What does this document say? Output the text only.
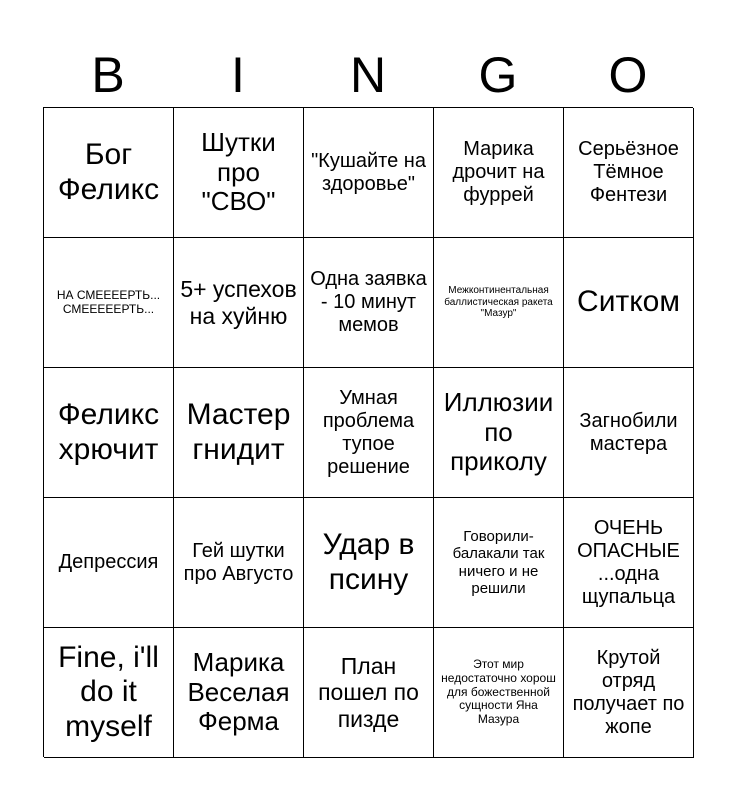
B	I	N	G	O
Бог Феликс
Шутки про "СВО"
"Кушайте на здоровье"
Марика дрочит на фуррей
Серьёзное Тёмное Фентези
НА СМЕЕЕЕРТЬ... СМЕЕЕЕЕРТЬ...
5+ успехов на хуйню
Одна заявка - 10 минут мемов
Межконтинентальная баллистическая ракета "Мазур"	Ситком
Феликс хрючит
Мастер гнидит
Умная проблема тупое решение
Иллюзии по приколу
Загнобили мастера
Депрессия
Гей шутки про Августо
Удар в псину
Говорили-балакали так ничего и не решили
ОЧЕНЬ ОПАСНЫЕ ...одна щупальца
Fine, i'll do it myself
Марика Веселая Ферма
План пошел по пизде
Этот мир недостаточно хорош для божественной сущности Яна Мазура
Крутой отряд получает по жопе
